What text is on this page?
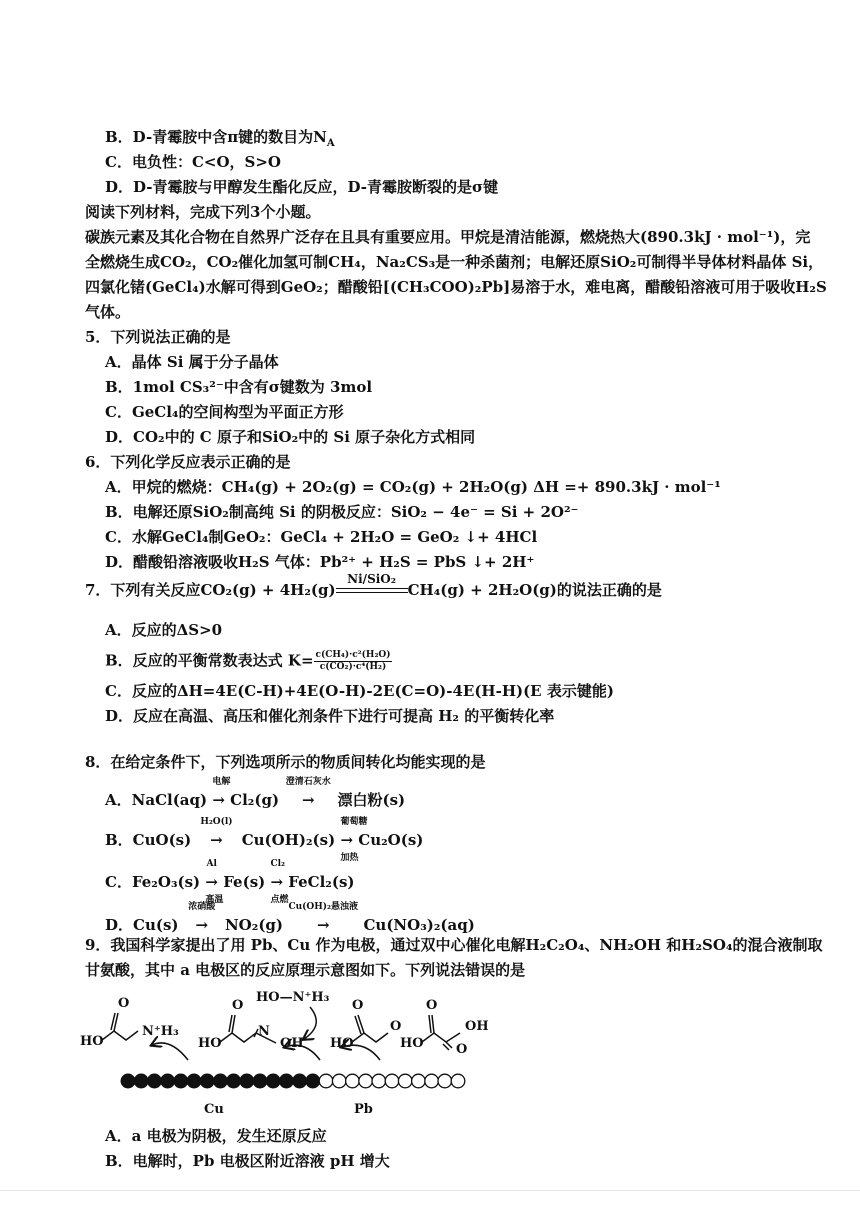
B．D-青霉胺中含π键的数目为$N_A$
C．电负性：C<O，S>O
D．D-青霉胺与甲醇发生酯化反应，D-青霉胺断裂的是σ键
阅读下列材料，完成下列3个小题。
碳族元素及其化合物在自然界广泛存在且具有重要应用。甲烷是清洁能源，燃烧热大(890.3kJ · mol⁻¹)，完
全燃烧生成CO₂，CO₂催化加氢可制CH₄，Na₂CS₃是一种杀菌剂；电解还原SiO₂可制得半导体材料晶体 Si，
四氯化锗(GeCl₄)水解可得到GeO₂；醋酸铅[(CH₃COO)₂Pb]易溶于水，难电离，醋酸铅溶液可用于吸收H₂S
气体。
5．下列说法正确的是
A．晶体 Si 属于分子晶体
B．1mol CS₃²⁻中含有σ键数为 3mol
C．GeCl₄的空间构型为平面正方形
D．CO₂中的 C 原子和SiO₂中的 Si 原子杂化方式相同
6．下列化学反应表示正确的是
A．甲烷的燃烧：CH₄(g) + 2O₂(g) = CO₂(g) + 2H₂O(g) ΔH =+ 890.3kJ · mol⁻¹
B．电解还原SiO₂制高纯 Si 的阴极反应：SiO₂ − 4e⁻ = Si + 2O²⁻
C．水解GeCl₄制GeO₂：GeCl₄ + 2H₂O = GeO₂ ↓+ 4HCl
D．醋酸铅溶液吸收H₂S 气体：Pb²⁺ + H₂S = PbS ↓+ 2H⁺
7．下列有关反应CO₂(g) + 4H₂(g)
Ni/SiO₂
CH₄(g) + 2H₂O(g)的说法正确的是
A．反应的ΔS>0
B．反应的平衡常数表达式 $K= \frac{\text{c(CH₄)·c²(H₂O)}}{\text{c(CO₂)·c⁴(H₂)}}$
C．反应的ΔH=4E(C-H)+4E(O-H)-2E(C=O)-4E(H-H)(E 表示键能)
D．反应在高温、高压和催化剂条件下进行可提高 H₂ 的平衡转化率
8．在给定条件下，下列选项所示的物质间转化均能实现的是
A．NaCl(aq)
电解
→ Cl₂(g)
澄清石灰水
→ 漂白粉(s)
B．CuO(s)
H₂O(l)
→ Cu(OH)₂(s)
葡萄糖
→
加热
Cu₂O(s)
C．Fe₂O₃(s)
Al
→
高温
Fe(s)
Cl₂
→
点燃
FeCl₂(s)
D．Cu(s)
浓硝酸
→ NO₂(g)
Cu(OH)₂悬浊液
→ Cu(NO₃)₂(aq)
9．我国科学家提出了用 Pb、Cu 作为电极，通过双中心催化电解H₂C₂O₄、NH₂OH 和H₂SO₄的混合液制取
甘氨酸，其中 a 电极区的反应原理示意图如下。下列说法错误的是
HO—N⁺H₃
HO
O
N⁺H₃
HO
O
N
OH HO
O
O
HO
O
O
OH
Cu	Pb
A．a 电极为阴极，发生还原反应
B．电解时，Pb 电极区附近溶液 pH 增大
